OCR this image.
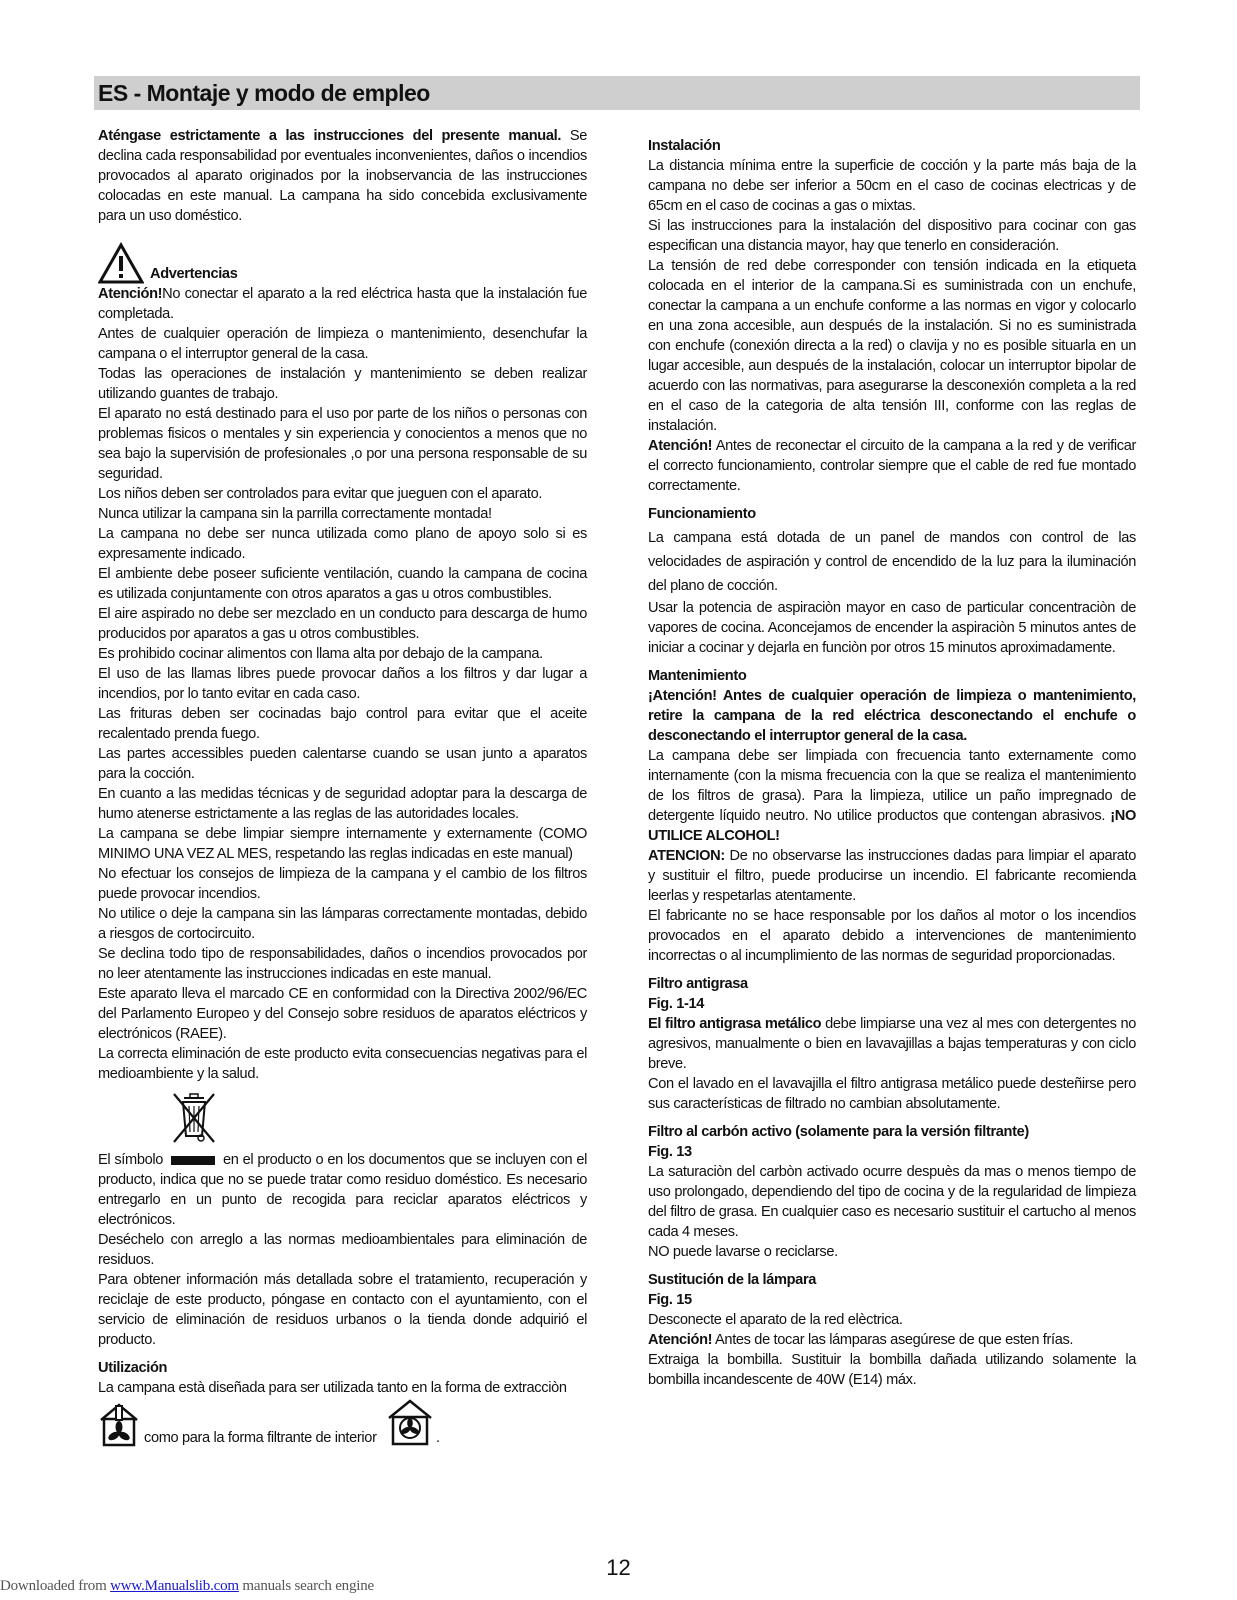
ES - Montaje y modo de empleo

Aténgase estrictamente a las instrucciones del presente manual. Se declina cada responsabilidad por eventuales inconvenientes, daños o incendios provocados al aparato originados por la inobservancia de las instrucciones colocadas en este manual. La campana ha sido concebida exclusivamente para un uso doméstico.

Advertencias

Atención!No conectar el aparato a la red eléctrica hasta que la instalación fue completada.

Antes de cualquier operación de limpieza o mantenimiento, desenchufar la campana o el interruptor general de la casa.

Todas las operaciones de instalación y mantenimiento se deben realizar utilizando guantes de trabajo.

El aparato no está destinado para el uso por parte de los niños o personas con problemas fisicos o mentales y sin experiencia y conocientos a menos que no sea bajo la supervisión de profesionales ,o por una persona responsable de su seguridad.

Los niños deben ser controlados para evitar que jueguen con el aparato.

Nunca utilizar la campana sin la parrilla correctamente montada!

La campana no debe ser nunca utilizada como plano de apoyo solo si es expresamente indicado.

El ambiente debe poseer suficiente ventilación, cuando la campana de cocina es utilizada conjuntamente con otros aparatos a gas u otros combustibles.

El aire aspirado no debe ser mezclado en un conducto para descarga de humo producidos por aparatos a gas u otros combustibles.

Es prohibido cocinar alimentos con llama alta por debajo de la campana.

El uso de las llamas libres puede provocar daños a los filtros y dar lugar a incendios, por lo tanto evitar en cada caso.

Las frituras deben ser cocinadas bajo control para evitar que el aceite recalentado prenda fuego.

Las partes accessibles pueden calentarse cuando se usan junto a aparatos para la cocción.

En cuanto a las medidas técnicas y de seguridad adoptar para la descarga de humo atenerse estrictamente a las reglas de las autoridades locales.

La campana se debe limpiar siempre internamente y externamente (COMO MINIMO UNA VEZ AL MES, respetando las reglas indicadas en este manual)

No efectuar los consejos de limpieza de la campana y el cambio de los filtros puede provocar incendios.

No utilice o deje la campana sin las lámparas correctamente montadas, debido a riesgos de cortocircuito.

Se declina todo tipo de responsabilidades, daños o incendios provocados por no leer atentamente las instrucciones indicadas en este manual.

Este aparato lleva el marcado CE en conformidad con la Directiva 2002/96/EC del Parlamento Europeo y del Consejo sobre residuos de aparatos eléctricos y electrónicos (RAEE).

La correcta eliminación de este producto evita consecuencias negativas para el medioambiente y la salud.

El símbolo	en el producto o en los documentos que se incluyen con el producto, indica que no se puede tratar como residuo doméstico. Es necesario entregarlo en un punto de recogida para reciclar aparatos eléctricos y electrónicos.

Deséchelo con arreglo a las normas medioambientales para eliminación de residuos.

Para obtener información más detallada sobre el tratamiento, recuperación y reciclaje de este producto, póngase en contacto con el ayuntamiento, con el servicio de eliminación de residuos urbanos o la tienda donde adquirió el producto.

Utilización

La campana està diseñada para ser utilizada tanto en la forma de extracciòn

como para la forma filtrante de interior	.

Instalación

La distancia mínima entre la superficie de cocción y la parte más baja de la campana no debe ser inferior a 50cm en el caso de cocinas electricas y de 65cm en el caso de cocinas a gas o mixtas.

Si las instrucciones para la instalación del dispositivo para cocinar con gas especifican una distancia mayor, hay que tenerlo en consideración.

La tensión de red debe corresponder con tensión indicada en la etiqueta colocada en el interior de la campana.Si es suministrada con un enchufe, conectar la campana a un enchufe conforme a las normas en vigor y colocarlo en una zona accesible, aun después de la instalación. Si no es suministrada con enchufe (conexión directa a la red) o clavija y no es posible situarla en un lugar accesible, aun después de la instalación, colocar un interruptor bipolar de acuerdo con las normativas, para asegurarse la desconexión completa a la red en el caso de la categoria de alta tensión III, conforme con las reglas de instalación.

Atención! Antes de reconectar el circuito de la campana a la red y de verificar el correcto funcionamiento, controlar siempre que el cable de red fue montado correctamente.

Funcionamiento

La campana está dotada de un panel de mandos con control de las velocidades de aspiración y control de encendido de la luz para la iluminación del plano de cocción.

Usar la potencia de aspiraciòn mayor en caso de particular concentraciòn de vapores de cocina. Aconcejamos de encender la aspiraciòn 5 minutos antes de iniciar a cocinar y dejarla en funciòn por otros 15 minutos aproximadamente.

Mantenimiento

¡Atención! Antes de cualquier operación de limpieza o mantenimiento, retire la campana de la red eléctrica desconectando el enchufe o desconectando el interruptor general de la casa.

La campana debe ser limpiada con frecuencia tanto externamente como internamente (con la misma frecuencia con la que se realiza el mantenimiento de los filtros de grasa). Para la limpieza, utilice un paño impregnado de detergente líquido neutro. No utilice productos que contengan abrasivos. ¡NO UTILICE ALCOHOL!

ATENCION: De no observarse las instrucciones dadas para limpiar el aparato y sustituir el filtro, puede producirse un incendio. El fabricante recomienda leerlas y respetarlas atentamente.

El fabricante no se hace responsable por los daños al motor o los incendios provocados en el aparato debido a intervenciones de mantenimiento incorrectas o al incumplimiento de las normas de seguridad proporcionadas.

Filtro antigrasa

Fig. 1-14

El filtro antigrasa metálico debe limpiarse una vez al mes con detergentes no agresivos, manualmente o bien en lavavajillas a bajas temperaturas y con ciclo breve.

Con el lavado en el lavavajilla el filtro antigrasa metálico puede desteñirse pero sus características de filtrado no cambian absolutamente.

Filtro al carbón activo (solamente para la versión filtrante)

Fig. 13

La saturaciòn del carbòn activado ocurre despuès da mas o menos tiempo de uso prolongado, dependiendo del tipo de cocina y de la regularidad de limpieza del filtro de grasa. En cualquier caso es necesario sustituir el cartucho al menos cada 4 meses.

NO puede lavarse o reciclarse.

Sustitución de la lámpara

Fig. 15

Desconecte el aparato de la red elèctrica.

Atención! Antes de tocar las lámparas asegúrese de que esten frías.

Extraiga la bombilla. Sustituir la bombilla dañada utilizando solamente la bombilla incandescente de 40W (E14) máx.

12
Downloaded from www.Manualslib.com manuals search engine
